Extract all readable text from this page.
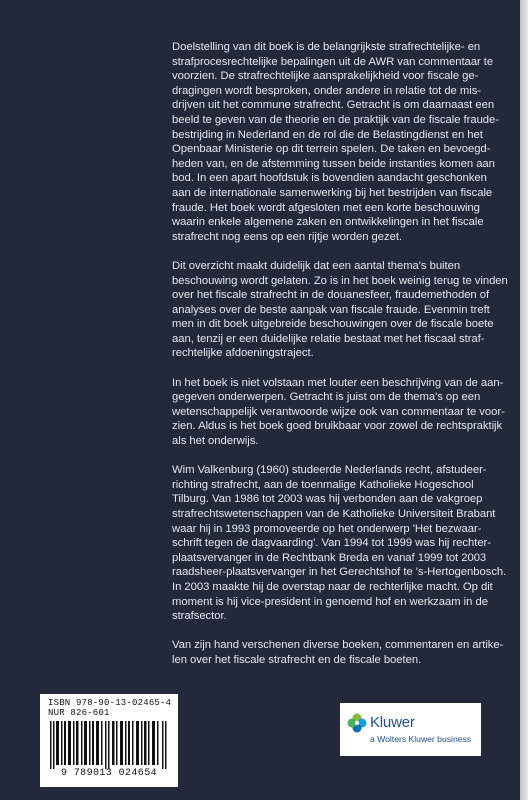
Doelstelling van dit boek is de belangrijkste strafrechtelijke- en
strafprocesrechtelijke bepalingen uit de AWR van commentaar te
voorzien. De strafrechtelijke aansprakelijkheid voor fiscale ge-
dragingen wordt besproken, onder andere in relatie tot de mis-
drijven uit het commune strafrecht. Getracht is om daarnaast een
beeld te geven van de theorie en de praktijk van de fiscale fraude-
bestrijding in Nederland en de rol die de Belastingdienst en het
Openbaar Ministerie op dit terrein spelen. De taken en bevoegd-
heden van, en de afstemming tussen beide instanties komen aan
bod. In een apart hoofdstuk is bovendien aandacht geschonken
aan de internationale samenwerking bij het bestrijden van fiscale
fraude. Het boek wordt afgesloten met een korte beschouwing
waarin enkele algemene zaken en ontwikkelingen in het fiscale
strafrecht nog eens op een rijtje worden gezet.

Dit overzicht maakt duidelijk dat een aantal thema's buiten
beschouwing wordt gelaten. Zo is in het boek weinig terug te vinden
over het fiscale strafrecht in de douanesfeer, fraudemethoden of
analyses over de beste aanpak van fiscale fraude. Evenmin treft
men in dit boek uitgebreide beschouwingen over de fiscale boete
aan, tenzij er een duidelijke relatie bestaat met het fiscaal straf-
rechtelijke afdoeningstraject.

In het boek is niet volstaan met louter een beschrijving van de aan-
gegeven onderwerpen. Getracht is juist om de thema's op een
wetenschappelijk verantwoorde wijze ook van commentaar te voor-
zien. Aldus is het boek goed bruikbaar voor zowel de rechtspraktijk
als het onderwijs.

Wim Valkenburg (1960) studeerde Nederlands recht, afstudeer-
richting strafrecht, aan de toenmalige Katholieke Hogeschool
Tilburg. Van 1986 tot 2003 was hij verbonden aan de vakgroep
strafrechtswetenschappen van de Katholieke Universiteit Brabant
waar hij in 1993 promoveerde op het onderwerp 'Het bezwaar-
schrift tegen de dagvaarding'. Van 1994 tot 1999 was hij rechter-
plaatsvervanger in de Rechtbank Breda en vanaf 1999 tot 2003
raadsheer-plaatsvervanger in het Gerechtshof te 's-Hertogenbosch.
In 2003 maakte hij de overstap naar de rechterlijke macht. Op dit
moment is hij vice-president in genoemd hof en werkzaam in de
strafsector.

Van zijn hand verschenen diverse boeken, commentaren en artike-
len over het fiscale strafrecht en de fiscale boeten.

ISBN 978-90-13-02465-4
NUR 826-601
9 789013 024654
Kluwer
a Wolters Kluwer business
